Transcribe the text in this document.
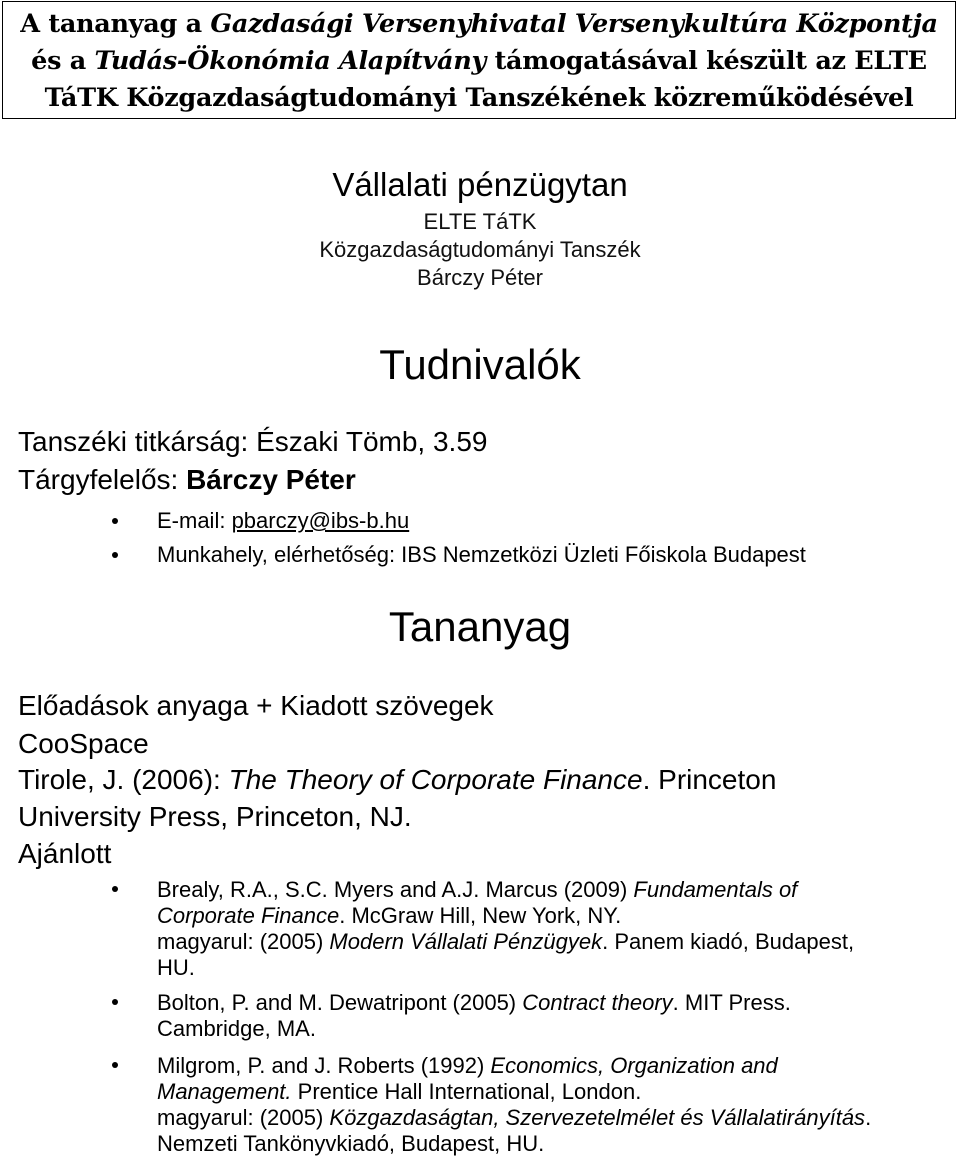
A tananyag a Gazdasági Versenyhivatal Versenykultúra Központja
és a Tudás-Ökonómia Alapítvány támogatásával készült az ELTE
TáTK Közgazdaságtudományi Tanszékének közreműködésével
Vállalati pénzügytan
ELTE TáTK
Közgazdaságtudományi Tanszék
Bárczy Péter
Tudnivalók
Tanszéki titkárság: Északi Tömb, 3.59
Tárgyfelelős: Bárczy Péter
E-mail: pbarczy@ibs-b.hu
Munkahely, elérhetőség: IBS Nemzetközi Üzleti Főiskola Budapest
Tananyag
Előadások anyaga + Kiadott szövegek
CooSpace
Tirole, J. (2006): The Theory of Corporate Finance. Princeton
University Press, Princeton, NJ.
Ajánlott
Brealy, R.A., S.C. Myers and A.J. Marcus (2009) Fundamentals of
Corporate Finance. McGraw Hill, New York, NY.
magyarul: (2005) Modern Vállalati Pénzügyek. Panem kiadó, Budapest,
HU.
Bolton, P. and M. Dewatripont (2005) Contract theory. MIT Press.
Cambridge, MA.
Milgrom, P. and J. Roberts (1992) Economics, Organization and
Management. Prentice Hall International, London.
magyarul: (2005) Közgazdaságtan, Szervezetelmélet és Vállalatirányítás.
Nemzeti Tankönyvkiadó, Budapest, HU.
